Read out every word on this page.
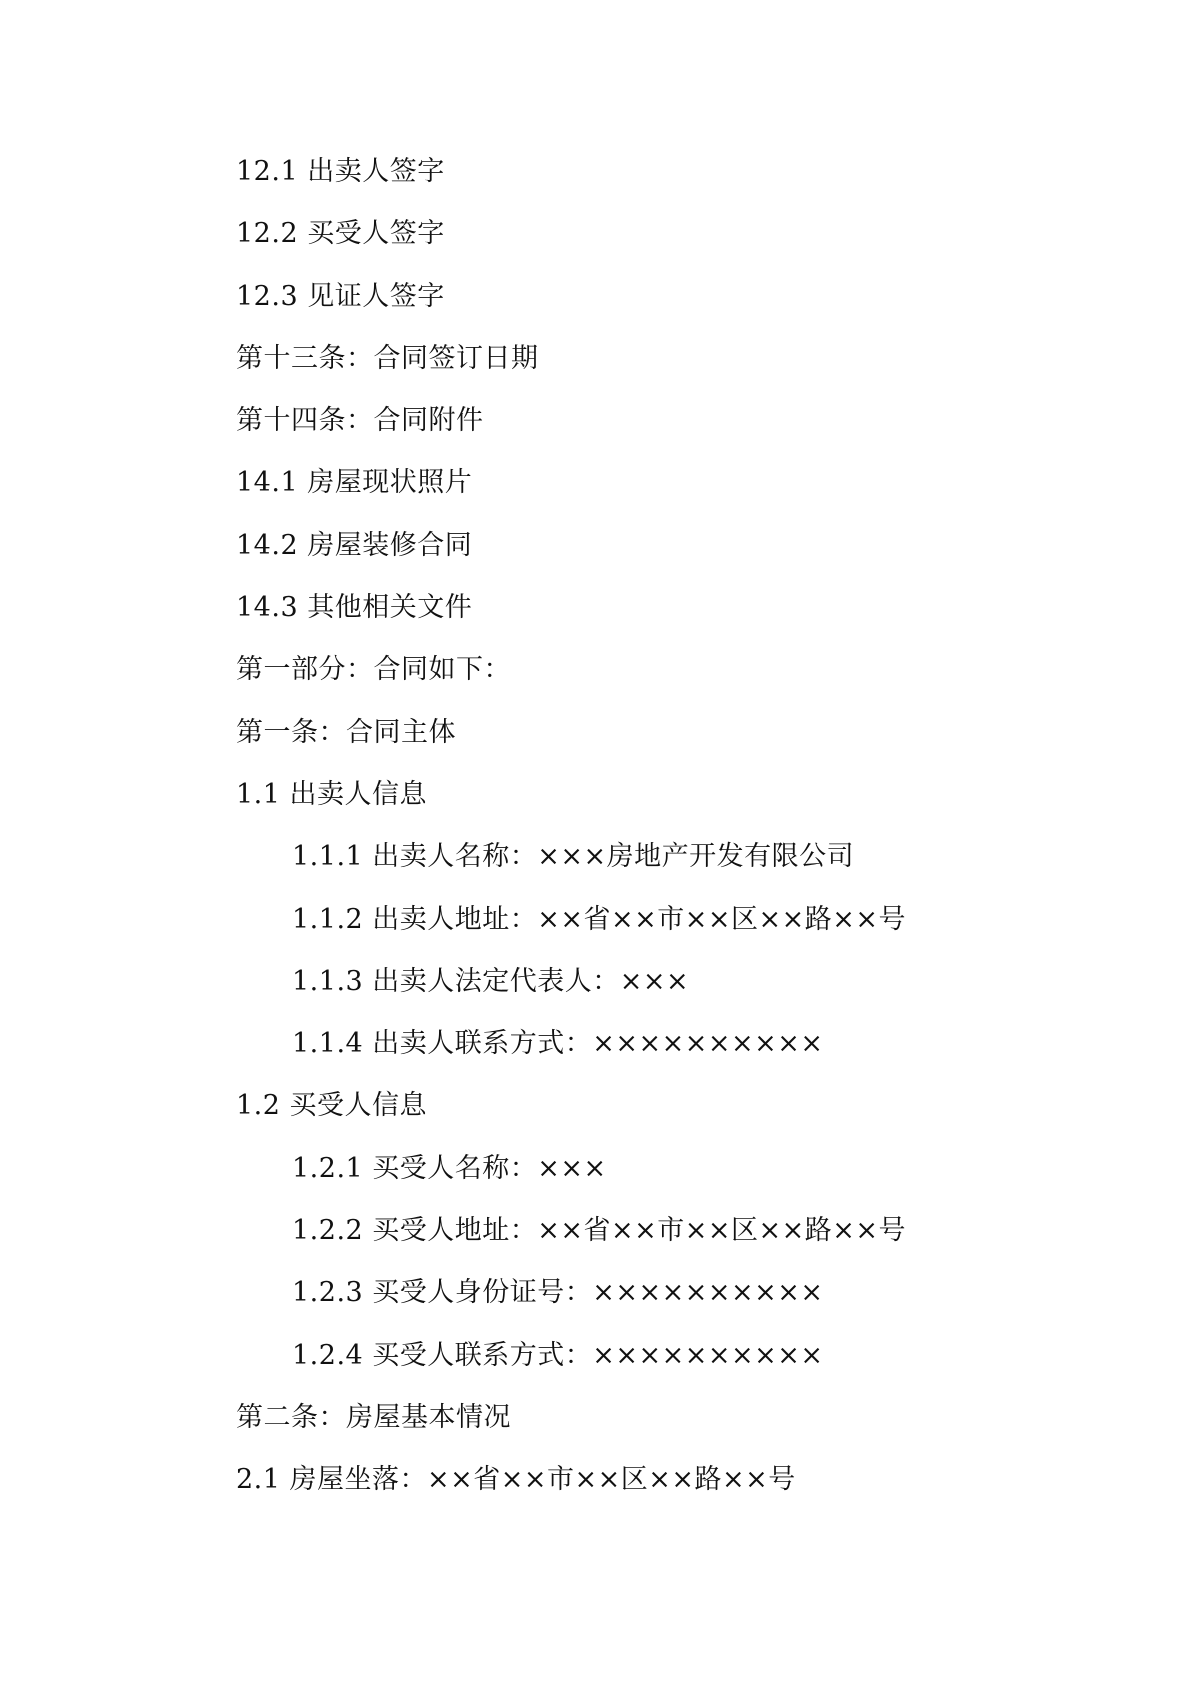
12.1 出卖人签字
12.2 买受人签字
12.3 见证人签字
第十三条：合同签订日期
第十四条：合同附件
14.1 房屋现状照片
14.2 房屋装修合同
14.3 其他相关文件
第一部分：合同如下：
第一条：合同主体
1.1 出卖人信息
1.1.1 出卖人名称：×××房地产开发有限公司
1.1.2 出卖人地址：××省××市××区××路××号
1.1.3 出卖人法定代表人：×××
1.1.4 出卖人联系方式：××××××××××
1.2 买受人信息
1.2.1 买受人名称：×××
1.2.2 买受人地址：××省××市××区××路××号
1.2.3 买受人身份证号：××××××××××
1.2.4 买受人联系方式：××××××××××
第二条：房屋基本情况
2.1 房屋坐落：××省××市××区××路××号
